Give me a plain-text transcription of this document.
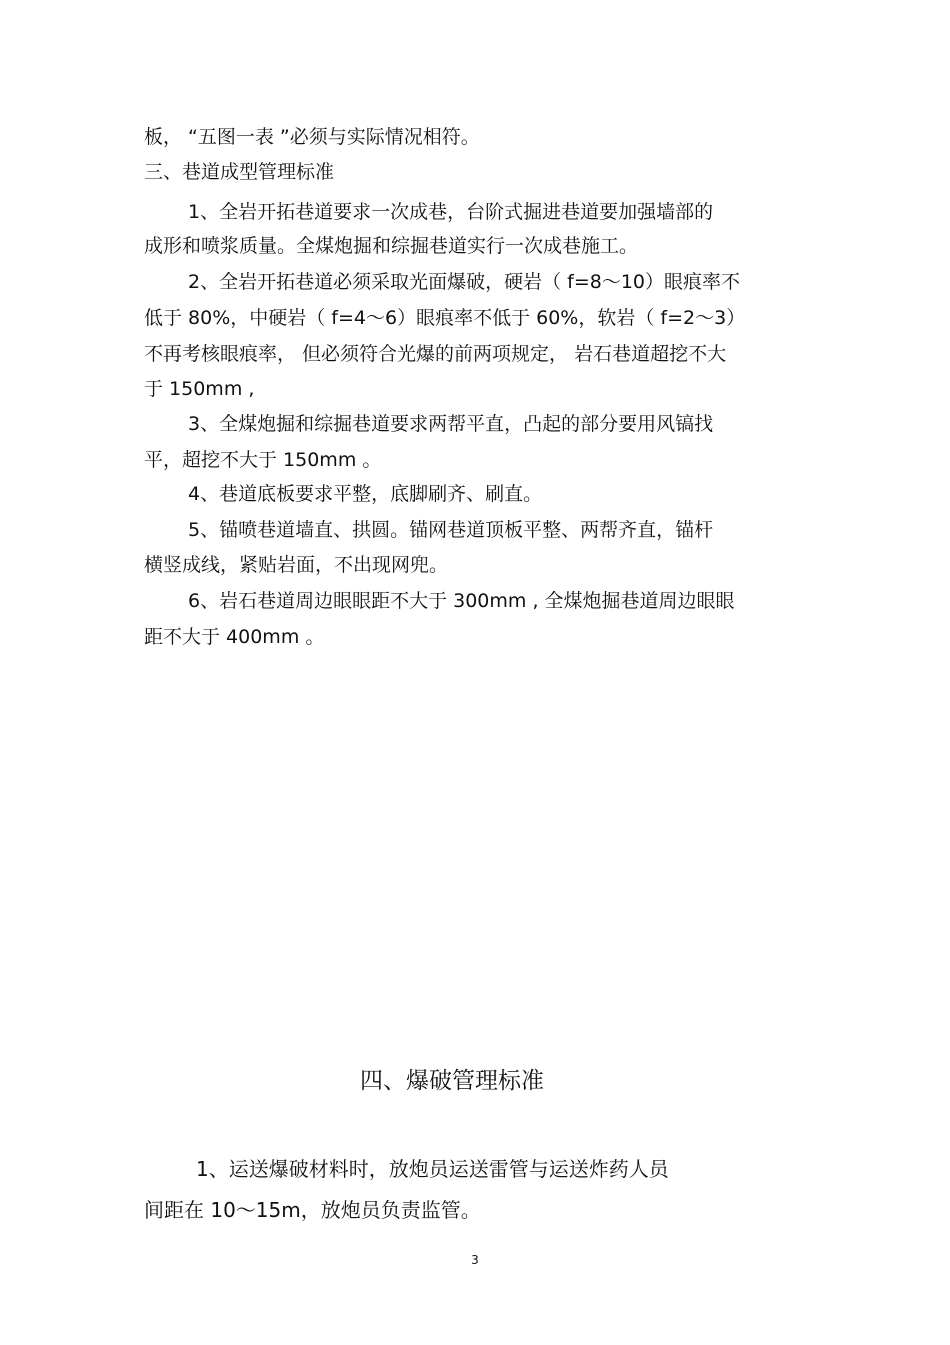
板， “五图一表 ”必须与实际情况相符。
三、巷道成型管理标准
1、全岩开拓巷道要求一次成巷，台阶式掘进巷道要加强墙部的
成形和喷浆质量。全煤炮掘和综掘巷道实行一次成巷施工。
2、全岩开拓巷道必须采取光面爆破，硬岩（ f=8～10）眼痕率不
低于 80%，中硬岩（ f=4～6）眼痕率不低于 60%，软岩（ f=2～3）
不再考核眼痕率， 但必须符合光爆的前两项规定， 岩石巷道超挖不大
于 150mm ,
3、全煤炮掘和综掘巷道要求两帮平直，凸起的部分要用风镐找
平，超挖不大于 150mm 。
4、巷道底板要求平整，底脚刷齐、刷直。
5、锚喷巷道墙直、拱圆。锚网巷道顶板平整、两帮齐直，锚杆
横竖成线，紧贴岩面，不出现网兜。
6、岩石巷道周边眼眼距不大于 300mm , 全煤炮掘巷道周边眼眼
距不大于 400mm 。
四、爆破管理标准
1、运送爆破材料时，放炮员运送雷管与运送炸药人员
间距在 10～15m，放炮员负责监管。
3
